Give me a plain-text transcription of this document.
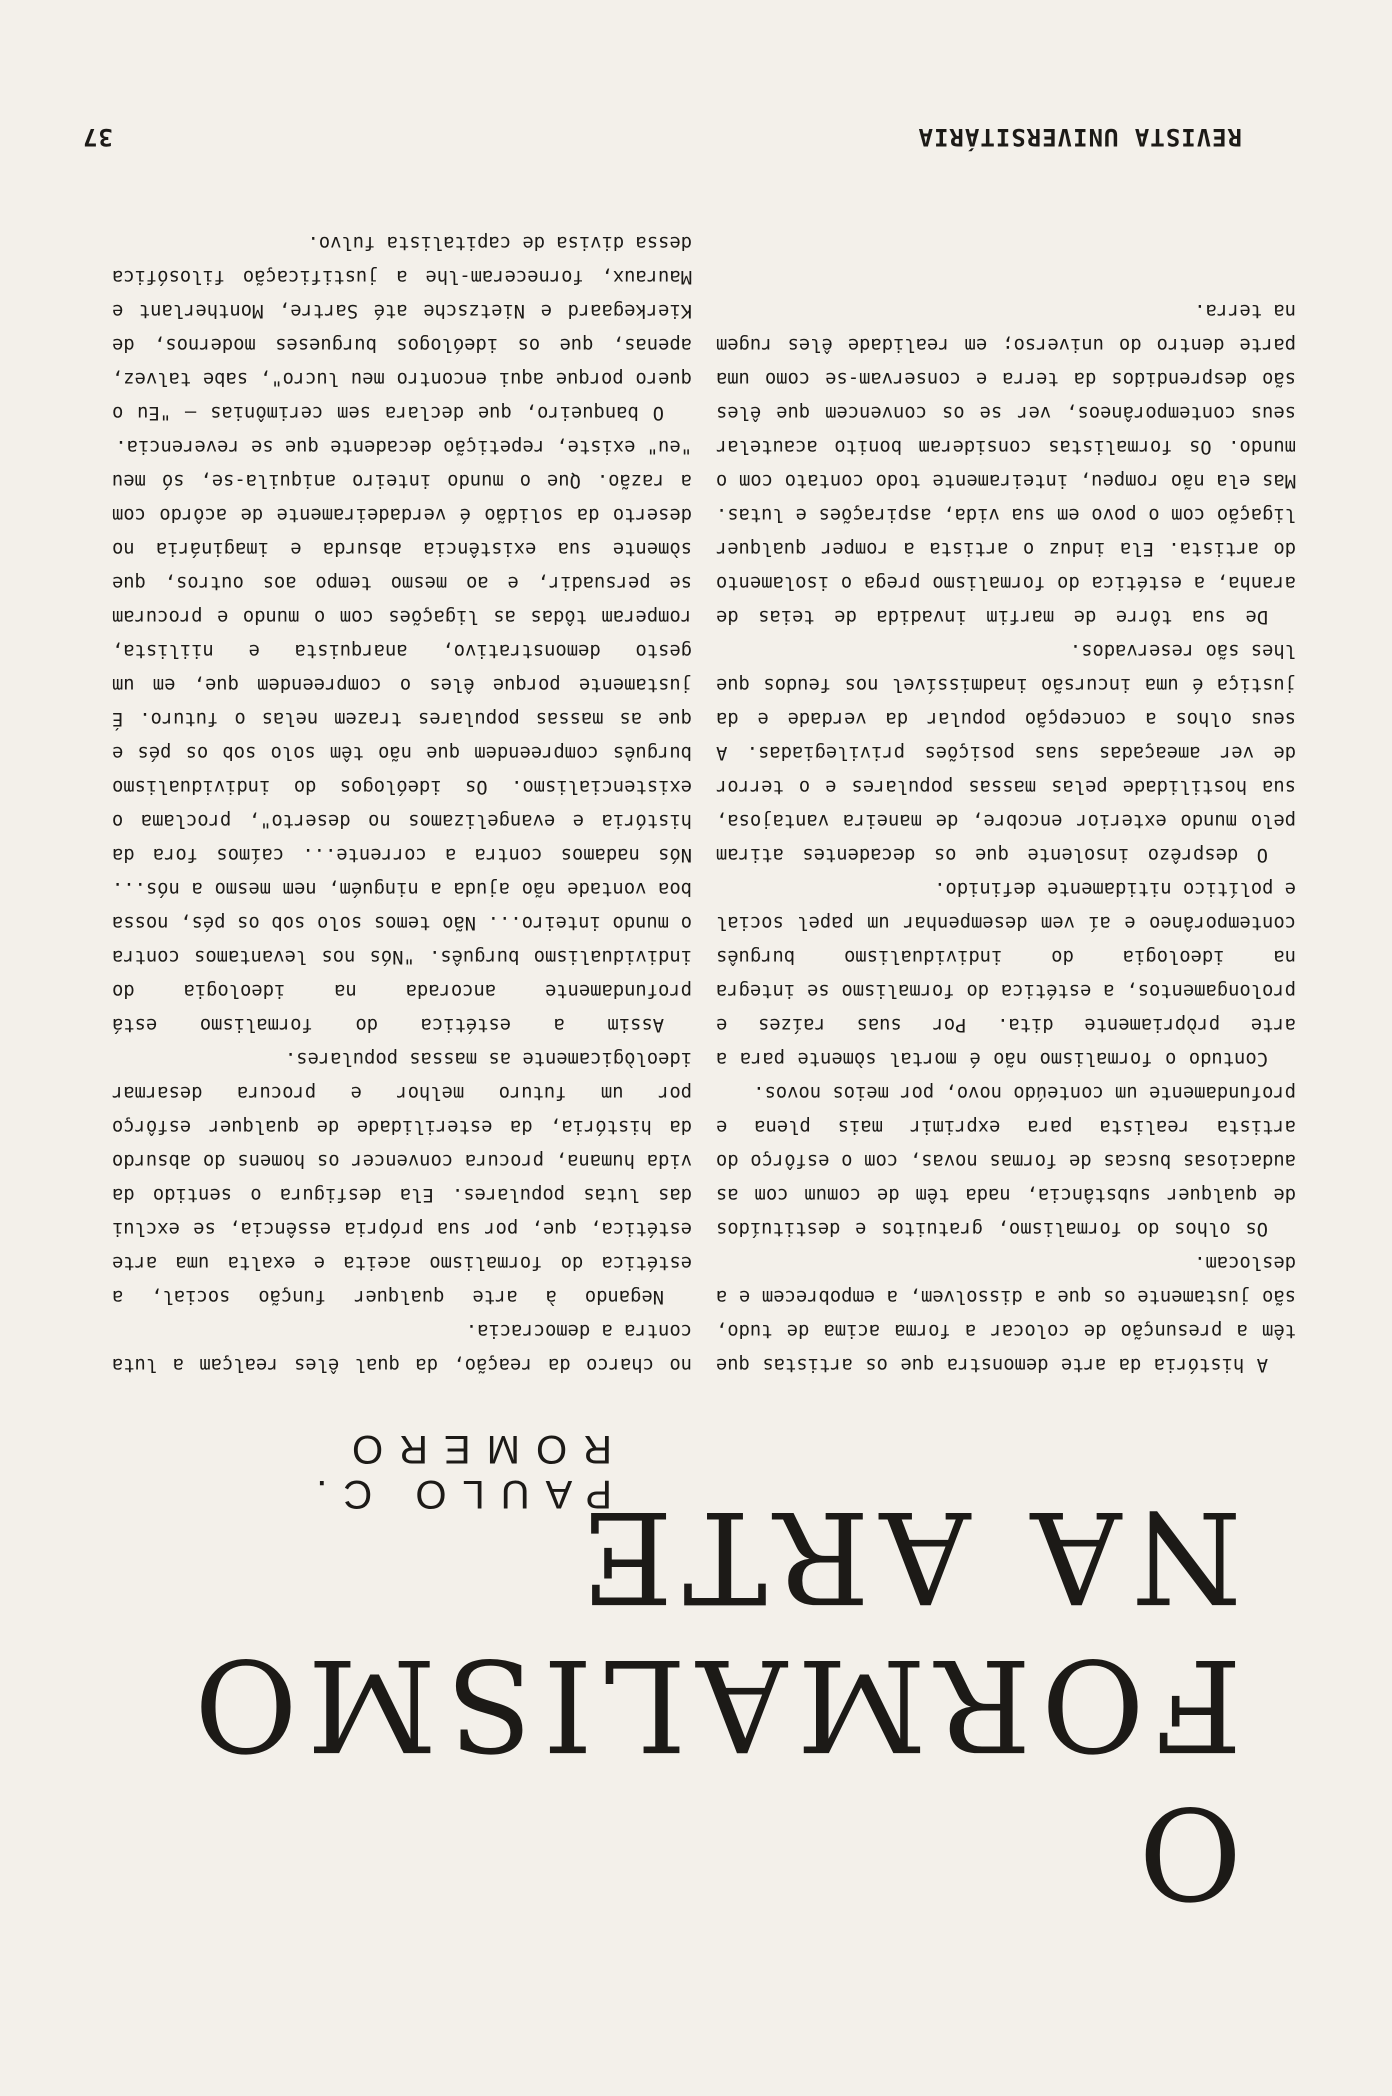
REVISTA UNIVERSITÁRIA
37
O FORMALISMO
NA ARTE
PAULO C. ROMERO

A história da arte demonstra que os artistas que têm a presunção de colocar a forma acima de tudo, são justamente os que a dissolvem, a empobrecem e a deslocam.

Os olhos do formalismo, gratuitos e destituídos de qualquer substância, nada têm de comum com as audaciosas buscas de formas novas, com o esfôrço do artista realista para exprimir mais plena e profundamente um conteúdo novo, por meios novos.

Contudo o formalismo não é mortal sòmente para a arte pròpriamente dita. Por suas raízes e prolongamentos, a estética do formalismo se integra na ideologia do individualismo burguês contemporâneo e aí vem desempenhar um papel social e político nitidamente definido.

O desprêzo insolente que os decadentes atiram pelo mundo exterior encobre, de maneira vantajosa, sua hostilidade pelas massas populares e o terror de ver ameaçadas suas posições privilegiadas. A seus olhos a concepção popular da verdade e da justiça é uma incursão inadmissível nos feudos que lhes são reservados.

De sua tôrre de marfim invadida de teias de aranha, a estética do formalismo prega o isolamento do artista. Ela induz o artista a romper qualquer ligação com o povo em sua vida, aspirações e lutas. Mas ela não rompeu, inteiramente todo contato com o mundo. Os formalistas consideram bonito acautelar seus contemporâneos, ver se os convencem que êles são desprendidos da terra e conservam-se como uma parte dentro do universo; em realidade êles rugem na terra.

no charco da reação, da qual êles realçam a luta contra a democracia.

Negando à arte qualquer função social, a estética do formalismo aceita e exalta uma arte estética, que, por sua própria essência, se exclui das lutas populares. Ela desfigura o sentido da vida humana, procura convencer os homens do absurdo da história, da esterilidade de qualquer esfôrço por um futuro melhor e procura desarmar ideològicamente as massas populares.

Assim a estética do formalismo está profundamente ancorada na ideologia do individualismo burguês. "Nós nos levantamos contra o mundo inteiro... Não temos solo sob os pés, nossa boa vontade não ajuda a ninguém, nem mesmo a nós... Nós nadamos contra a corrente... caímos fora da história e evangelizamos no deserto", proclama o existencialismo. Os ideólogos do individualismo burguês compreendem que não têm solo sob os pés e que as massas populares trazem nelas o futuro. É justamente porque êles o compreendem que, em um gesto demonstrativo, anarquista e niilista, romperam tôdas as ligações com o mundo e procuram se persuadir, e ao mesmo tempo aos outros, que sòmente sua existência absurda e imaginária no deserto da solidão é verdadeiramente de acôrdo com a razão. Que o mundo inteiro aniquila-se, só meu "eu" existe, repetição decadente que se reverencia.

O banqueiro, que declara sem cerimônias — "Eu o quero porque aqui encontro meu lucro", sabe talvez, apenas, que os ideólogos burgueses modernos, de Kierkegaard e Nietzsche até Sartre, Montherlant e Mauraux, forneceram-lhe a justificação filosófica dessa divisa de capitalista fulvo.
